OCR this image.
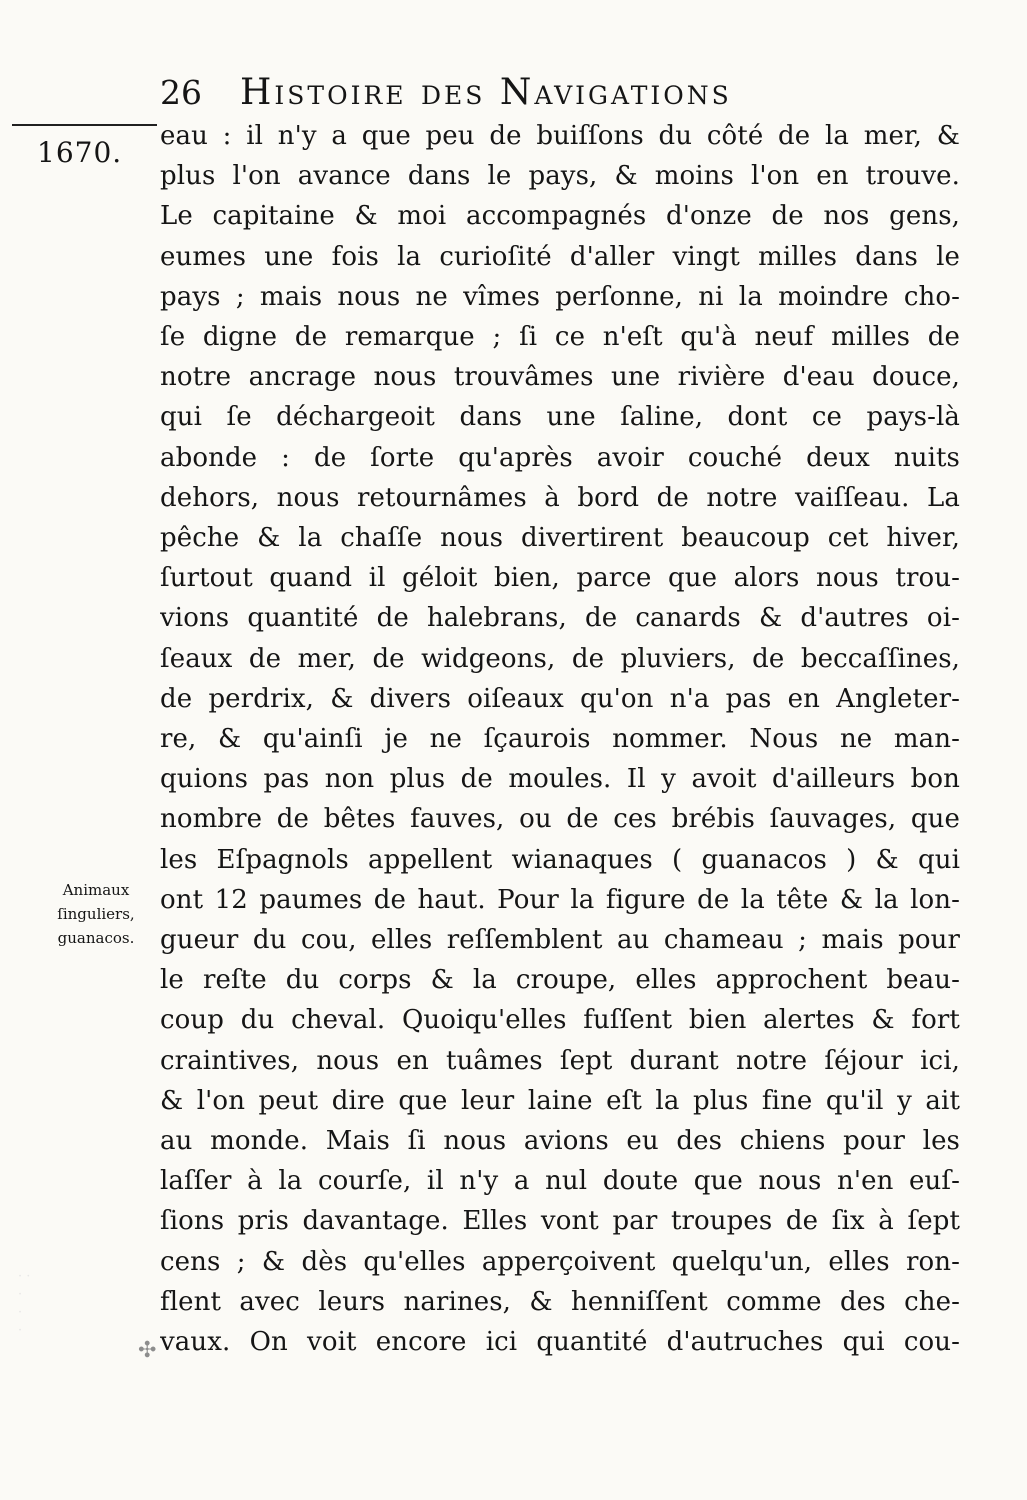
26 Histoire des Navigations
1670.
Animaux
ſinguliers,
guanacos.
· ·
·
·
·
✣
eau : il n'y a que peu de buiſſons du côté de la mer, &
plus l'on avance dans le pays, & moins l'on en trouve.
Le capitaine & moi accompagnés d'onze de nos gens,
eumes une fois la curioſité d'aller vingt milles dans le
pays ; mais nous ne vîmes perſonne, ni la moindre cho-
ſe digne de remarque ; ſi ce n'eſt qu'à neuf milles de
notre ancrage nous trouvâmes une rivière d'eau douce,
qui ſe déchargeoit dans une ſaline, dont ce pays-là
abonde : de ſorte qu'après avoir couché deux nuits
dehors, nous retournâmes à bord de notre vaiſſeau. La
pêche & la chaſſe nous divertirent beaucoup cet hiver,
ſurtout quand il géloit bien, parce que alors nous trou-
vions quantité de halebrans, de canards & d'autres oi-
ſeaux de mer, de widgeons, de pluviers, de beccaſſines,
de perdrix, & divers oiſeaux qu'on n'a pas en Angleter-
re, & qu'ainſi je ne ſçaurois nommer. Nous ne man-
quions pas non plus de moules. Il y avoit d'ailleurs bon
nombre de bêtes fauves, ou de ces brébis ſauvages, que
les Eſpagnols appellent wianaques ( guanacos ) & qui
ont 12 paumes de haut. Pour la figure de la tête & la lon-
gueur du cou, elles reſſemblent au chameau ; mais pour
le reſte du corps & la croupe, elles approchent beau-
coup du cheval. Quoiqu'elles fuſſent bien alertes & fort
craintives, nous en tuâmes ſept durant notre ſéjour ici,
& l'on peut dire que leur laine eſt la plus fine qu'il y ait
au monde. Mais ſi nous avions eu des chiens pour les
laſſer à la courſe, il n'y a nul doute que nous n'en euſ-
ſions pris davantage. Elles vont par troupes de ſix à ſept
cens ; & dès qu'elles apperçoivent quelqu'un, elles ron-
flent avec leurs narines, & henniſſent comme des che-
vaux. On voit encore ici quantité d'autruches qui cou-
